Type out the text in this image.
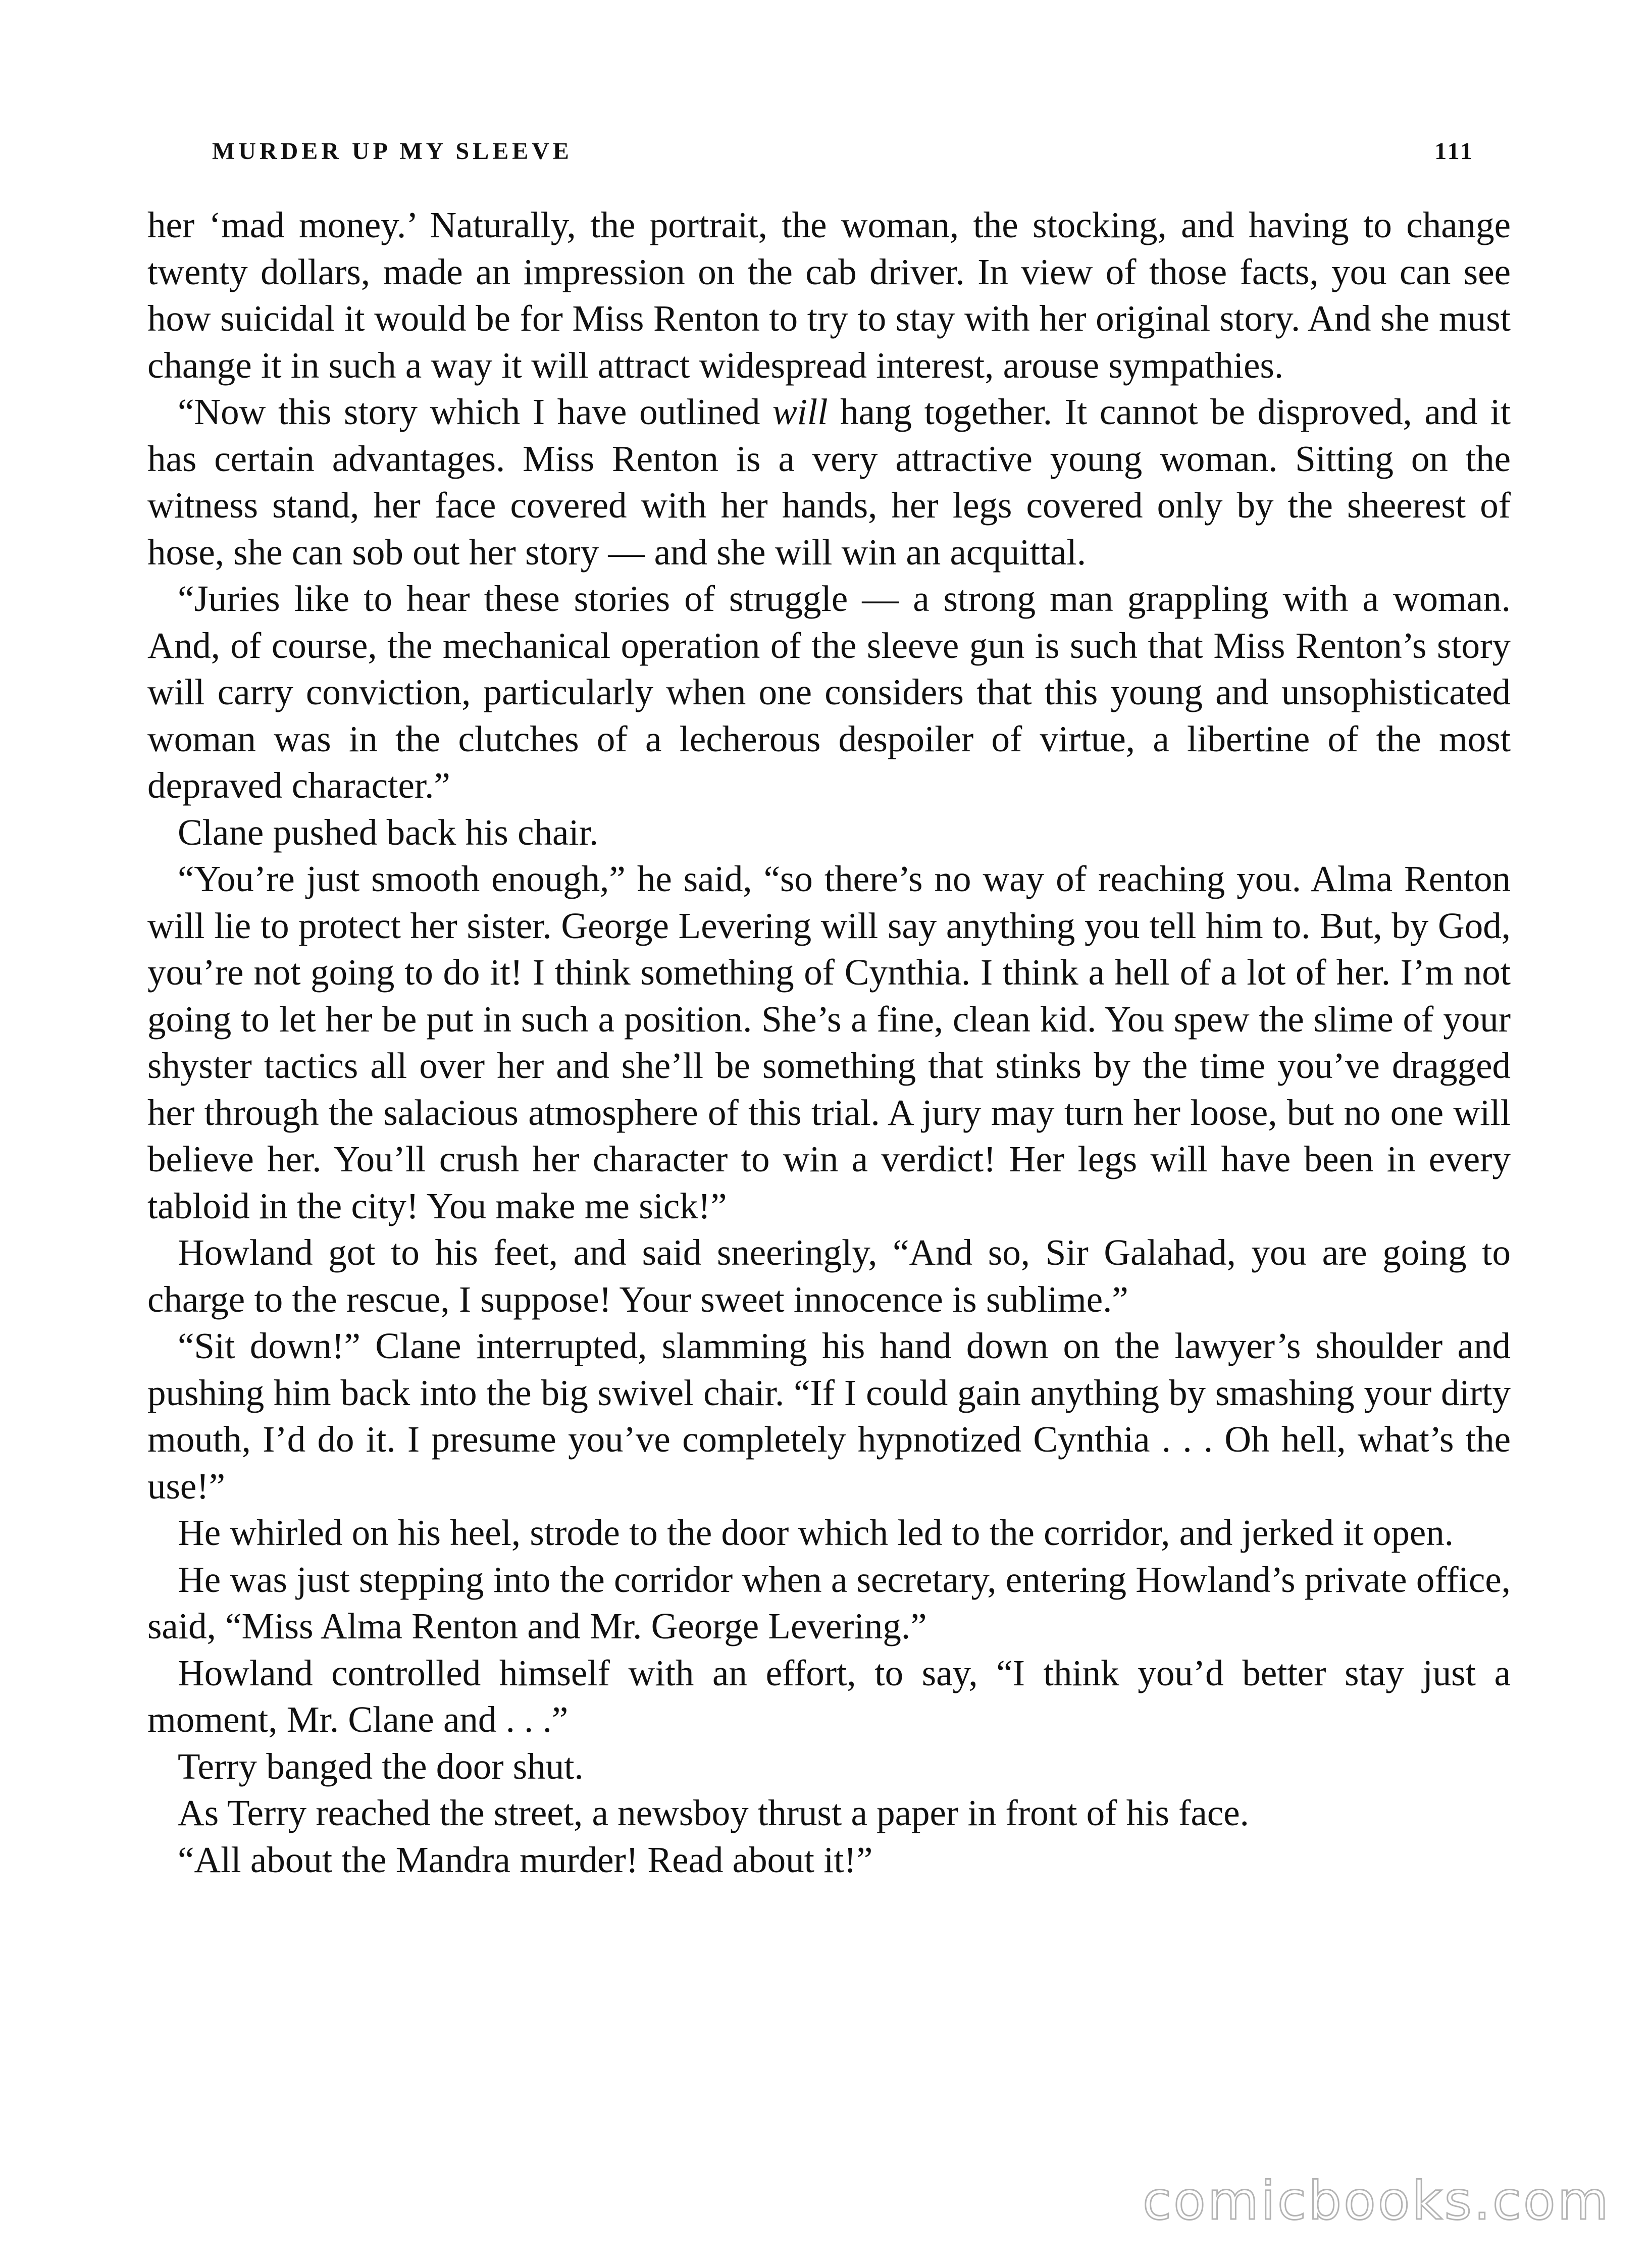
MURDER UP MY SLEEVE	111

her ‘mad money.’ Naturally, the portrait, the woman, the stocking, and having to change twenty dollars, made an impression on the cab driver. In view of those facts, you can see how suicidal it would be for Miss Renton to try to stay with her original story. And she must change it in such a way it will attract widespread interest, arouse sympathies.

“Now this story which I have outlined will hang together. It cannot be disproved, and it has certain advantages. Miss Renton is a very attractive young woman. Sitting on the witness stand, her face covered with her hands, her legs covered only by the sheerest of hose, she can sob out her story — and she will win an acquittal.

“Juries like to hear these stories of struggle — a strong man grappling with a woman. And, of course, the mechanical operation of the sleeve gun is such that Miss Renton’s story will carry conviction, particularly when one considers that this young and unsophisticated woman was in the clutches of a lecherous despoiler of virtue, a libertine of the most depraved character.”

Clane pushed back his chair.

“You’re just smooth enough,” he said, “so there’s no way of reaching you. Alma Renton will lie to protect her sister. George Levering will say anything you tell him to. But, by God, you’re not going to do it! I think something of Cynthia. I think a hell of a lot of her. I’m not going to let her be put in such a position. She’s a fine, clean kid. You spew the slime of your shyster tactics all over her and she’ll be something that stinks by the time you’ve dragged her through the salacious atmosphere of this trial. A jury may turn her loose, but no one will believe her. You’ll crush her character to win a verdict! Her legs will have been in every tabloid in the city! You make me sick!”

Howland got to his feet, and said sneeringly, “And so, Sir Galahad, you are going to charge to the rescue, I suppose! Your sweet innocence is sublime.”

“Sit down!” Clane interrupted, slamming his hand down on the lawyer’s shoulder and pushing him back into the big swivel chair. “If I could gain anything by smashing your dirty mouth, I’d do it. I presume you’ve completely hypnotized Cynthia . . . Oh hell, what’s the use!”

He whirled on his heel, strode to the door which led to the corridor, and jerked it open.

He was just stepping into the corridor when a secretary, entering Howland’s private office, said, “Miss Alma Renton and Mr. George Levering.”

Howland controlled himself with an effort, to say, “I think you’d better stay just a moment, Mr. Clane and . . .”

Terry banged the door shut.

As Terry reached the street, a newsboy thrust a paper in front of his face.

“All about the Mandra murder! Read about it!”

comicbooks.com
